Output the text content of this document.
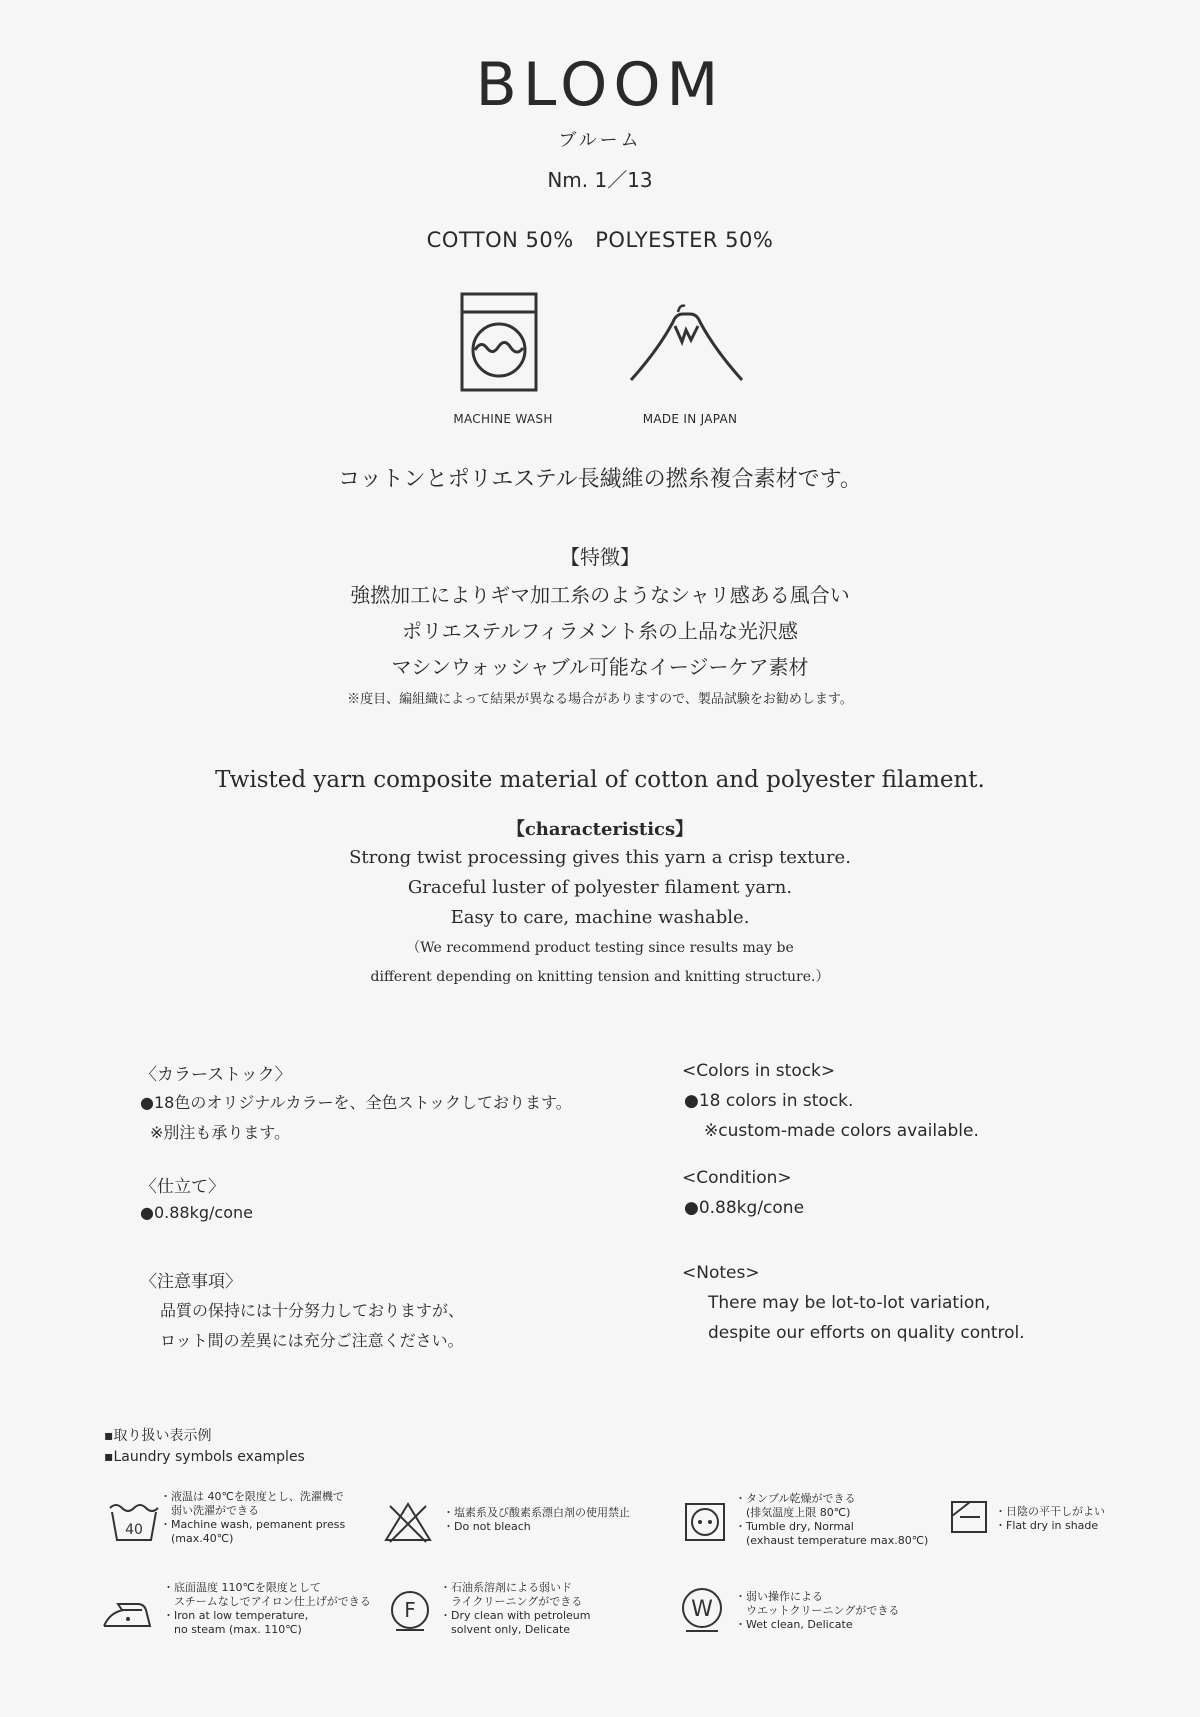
BLOOM
ブルーム
Nm. 1／13
COTTON 50%   POLYESTER 50%
MACHINE WASH	MADE IN JAPAN
コットンとポリエステル長繊維の撚糸複合素材です。
【特徴】
強撚加工によりギマ加工糸のようなシャリ感ある風合い
ポリエステルフィラメント糸の上品な光沢感
マシンウォッシャブル可能なイージーケア素材
※度目、編組織によって結果が異なる場合がありますので、製品試験をお勧めします。
Twisted yarn composite material of cotton and polyester filament.
【characteristics】
Strong twist processing gives this yarn a crisp texture.
Graceful luster of polyester filament yarn.
Easy to care, machine washable.
（We recommend product testing since results may be
different depending on knitting tension and knitting structure.）
〈カラーストック〉
●18色のオリジナルカラーを、全色ストックしております。
※別注も承ります。
〈仕立て〉
●0.88kg/cone
〈注意事項〉
品質の保持には十分努力しておりますが、
ロット間の差異には充分ご注意ください。
<Colors in stock>
●18 colors in stock.
※custom-made colors available.
<Condition>
●0.88kg/cone
<Notes>
There may be lot-to-lot variation,
despite our efforts on quality control.
▪取り扱い表示例
▪Laundry symbols examples
40
・液温は 40℃を限度とし、洗濯機で
　弱い洗濯ができる
・Machine wash, pemanent press
　(max.40℃)
・塩素系及び酸素系漂白剤の使用禁止
・Do not bleach
・タンブル乾燥ができる
　(排気温度上限 80℃)
・Tumble dry, Normal
　(exhaust temperature max.80℃)
・日陰の平干しがよい
・Flat dry in shade
・底面温度 110℃を限度として
　スチームなしでアイロン仕上げができる
・Iron at low temperature,
　no steam (max. 110℃)
F
・石油系溶剤による弱いド
　ライクリーニングができる
・Dry clean with petroleum
　solvent only, Delicate
W
・弱い操作による
　ウエットクリーニングができる
・Wet clean, Delicate
